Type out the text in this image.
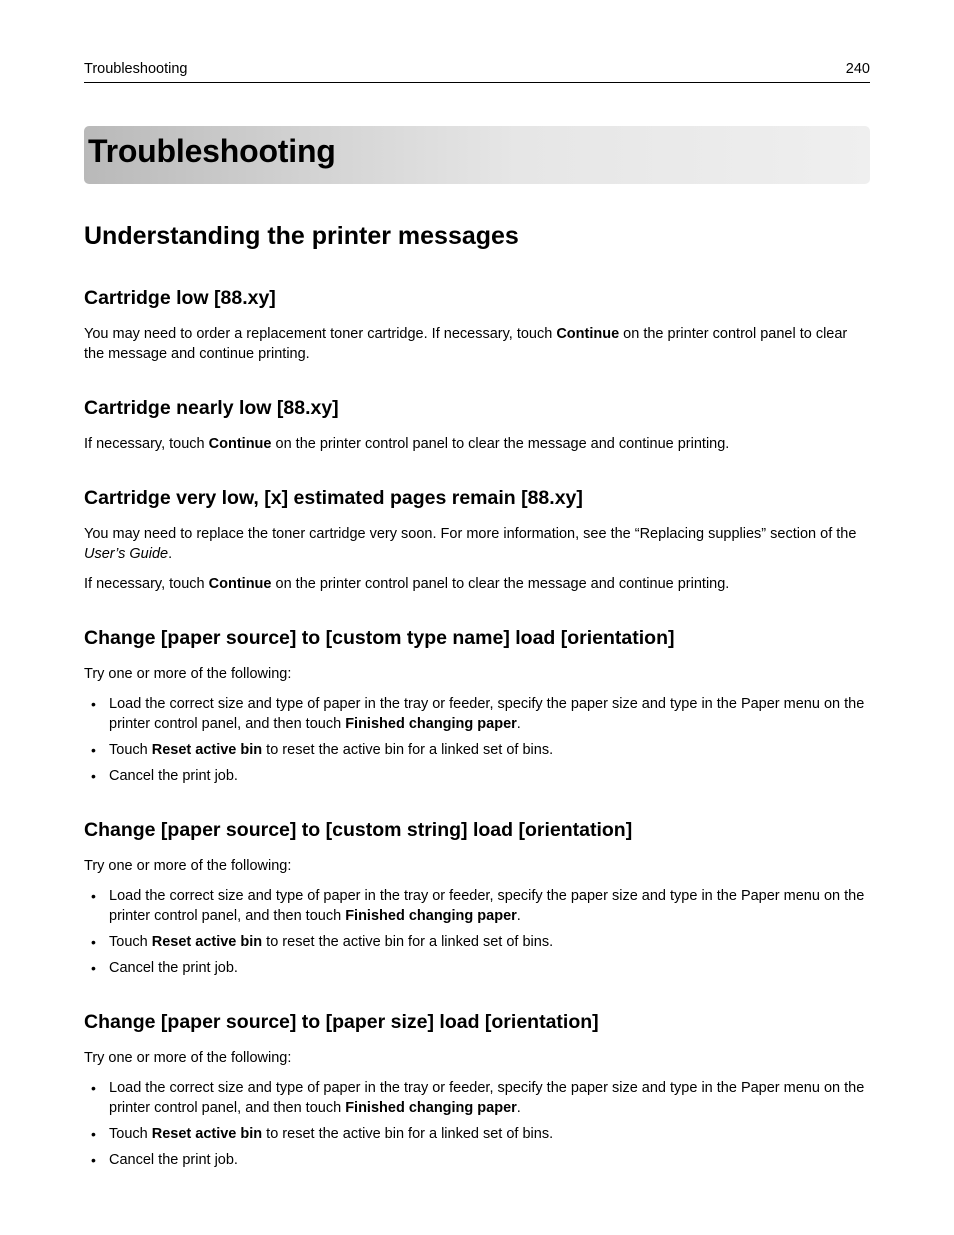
Troubleshooting	240
Troubleshooting
Understanding the printer messages
Cartridge low [88.xy]

You may need to order a replacement toner cartridge. If necessary, touch Continue on the printer control panel to clear the message and continue printing.

Cartridge nearly low [88.xy]

If necessary, touch Continue on the printer control panel to clear the message and continue printing.

Cartridge very low, [x] estimated pages remain [88.xy]

You may need to replace the toner cartridge very soon. For more information, see the “Replacing supplies” section of the User’s Guide.

If necessary, touch Continue on the printer control panel to clear the message and continue printing.

Change [paper source] to [custom type name] load [orientation]

Try one or more of the following:

• Load the correct size and type of paper in the tray or feeder, specify the paper size and type in the Paper menu on the printer control panel, and then touch Finished changing paper.
• Touch Reset active bin to reset the active bin for a linked set of bins.
• Cancel the print job.
Change [paper source] to [custom string] load [orientation]

Try one or more of the following:

• Load the correct size and type of paper in the tray or feeder, specify the paper size and type in the Paper menu on the printer control panel, and then touch Finished changing paper.
• Touch Reset active bin to reset the active bin for a linked set of bins.
• Cancel the print job.
Change [paper source] to [paper size] load [orientation]

Try one or more of the following:

• Load the correct size and type of paper in the tray or feeder, specify the paper size and type in the Paper menu on the printer control panel, and then touch Finished changing paper.
• Touch Reset active bin to reset the active bin for a linked set of bins.
• Cancel the print job.
